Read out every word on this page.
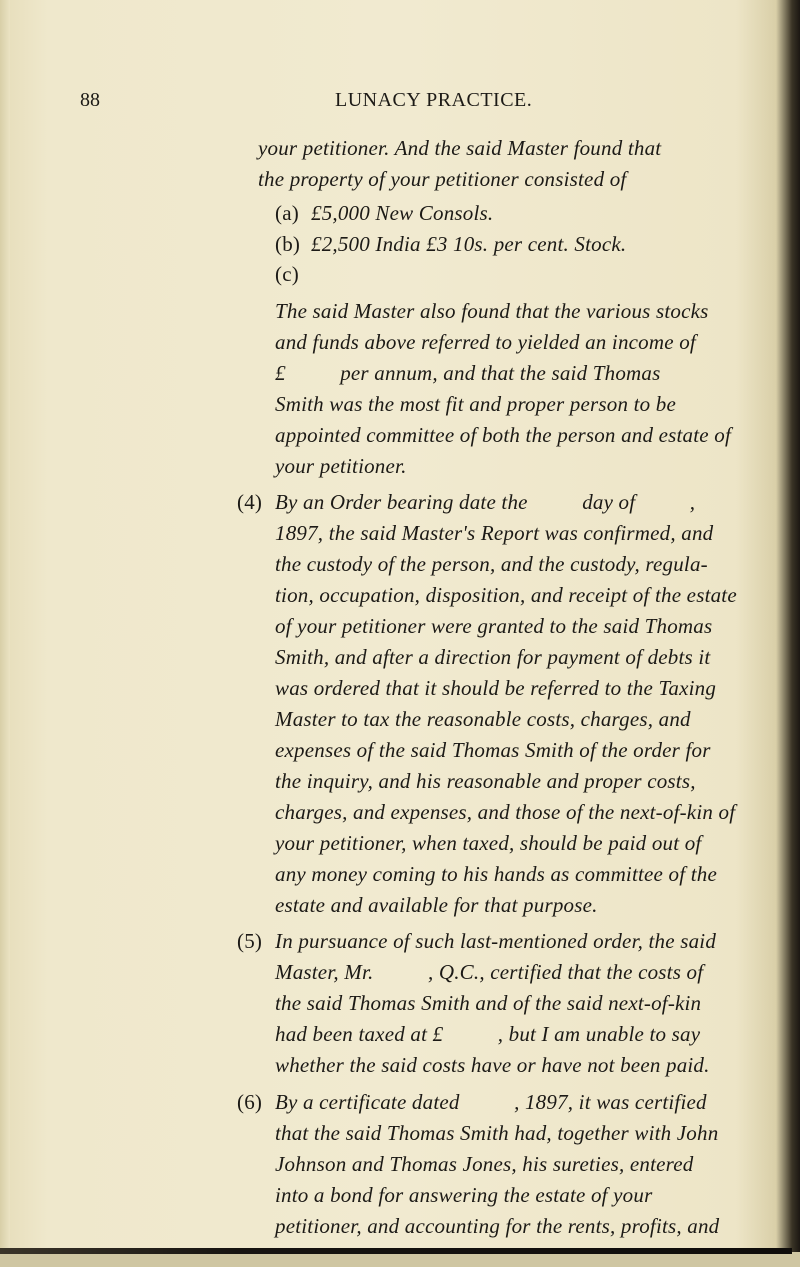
88	LUNACY PRACTICE.
your petitioner. And the said Master found that
the property of your petitioner consisted of
(a) £5,000 New Consols.
(b) £2,500 India £3 10s. per cent. Stock.
(c)
The said Master also found that the various stocks
and funds above referred to yielded an income of
£          per annum, and that the said Thomas
Smith was the most fit and proper person to be
appointed committee of both the person and estate of
your petitioner.
(4) By an Order bearing date the          day of          ,
1897, the said Master's Report was confirmed, and
the custody of the person, and the custody, regula-
tion, occupation, disposition, and receipt of the estate
of your petitioner were granted to the said Thomas
Smith, and after a direction for payment of debts it
was ordered that it should be referred to the Taxing
Master to tax the reasonable costs, charges, and
expenses of the said Thomas Smith of the order for
the inquiry, and his reasonable and proper costs,
charges, and expenses, and those of the next-of-kin of
your petitioner, when taxed, should be paid out of
any money coming to his hands as committee of the
estate and available for that purpose.
(5) In pursuance of such last-mentioned order, the said
Master, Mr.          , Q.C., certified that the costs of
the said Thomas Smith and of the said next-of-kin
had been taxed at £          , but I am unable to say
whether the said costs have or have not been paid.
(6) By a certificate dated          , 1897, it was certified
that the said Thomas Smith had, together with John
Johnson and Thomas Jones, his sureties, entered
into a bond for answering the estate of your
petitioner, and accounting for the rents, profits, and
